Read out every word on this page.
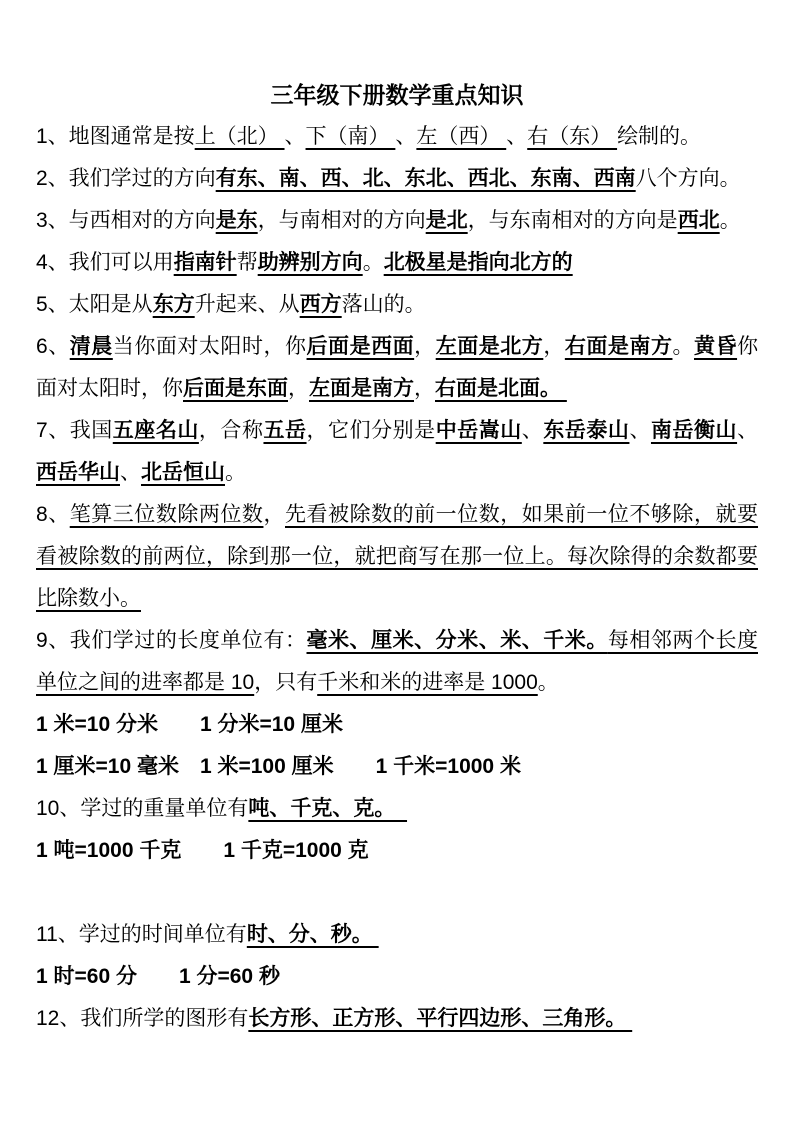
三年级下册数学重点知识

1、地图通常是按上（北） 、下（南） 、左（西） 、右（东） 绘制的。

2、我们学过的方向有东、南、西、北、东北、西北、东南、西南八个方向。

3、与西相对的方向是东，与南相对的方向是北，与东南相对的方向是西北。

4、我们可以用指南针帮助辨别方向。北极星是指向北方的

5、太阳是从东方升起来、从西方落山的。

6、清晨当你面对太阳时，你后面是西面，左面是北方，右面是南方。黄昏你面对太阳时，你后面是东面，左面是南方，右面是北面。

7、我国五座名山，合称五岳，它们分别是中岳嵩山、东岳泰山、南岳衡山、西岳华山、北岳恒山。

8、笔算三位数除两位数，先看被除数的前一位数，如果前一位不够除，就要看被除数的前两位，除到那一位，就把商写在那一位上。每次除得的余数都要比除数小。

9、我们学过的长度单位有：毫米、厘米、分米、米、千米。每相邻两个长度单位之间的进率都是 10，只有千米和米的进率是 1000。

1 米=10 分米　　1 分米=10 厘米

1 厘米=10 毫米　1 米=100 厘米　　1 千米=1000 米

10、学过的重量单位有吨、千克、克。

1 吨=1000 千克　　1 千克=1000 克

11、学过的时间单位有时、分、秒。

1 时=60 分　　1 分=60 秒

12、我们所学的图形有长方形、正方形、平行四边形、三角形。
